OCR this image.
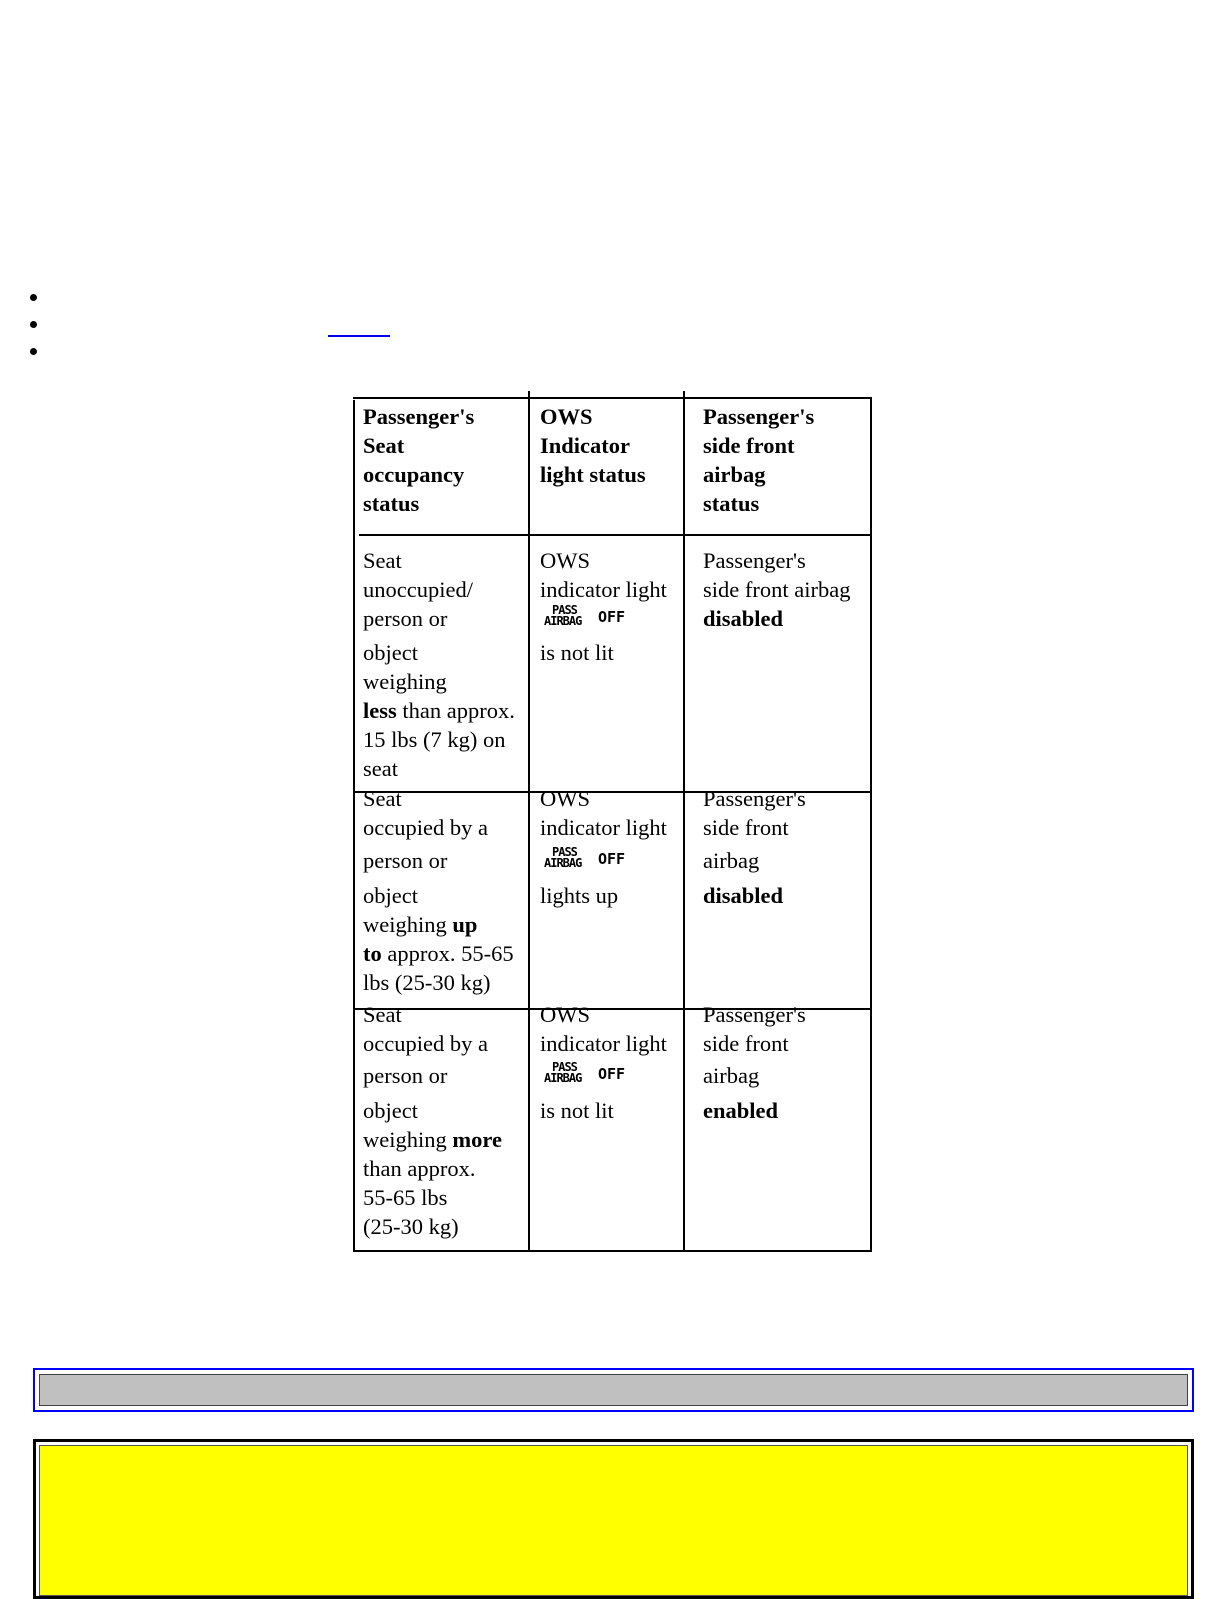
Passenger's
Seat
occupancy
status
OWS
Indicator
light status
Passenger's
side front
airbag
status
Seat
unoccupied/
person or
object
weighing
less than approx.
15 lbs (7 kg) on
seat
OWS
indicator light
PASS
AIRBAG OFF
is not lit
Passenger's
side front airbag
disabled
Seat
occupied by a
person or
object
weighing up
to approx. 55-65
lbs (25-30 kg)
OWS
indicator light
PASS
AIRBAG OFF
lights up
Passenger's
side front
airbag
disabled
Seat
occupied by a
person or
object
weighing more
than approx.
55-65 lbs
(25-30 kg)
OWS
indicator light
PASS
AIRBAG OFF
is not lit
Passenger's
side front
airbag
enabled
